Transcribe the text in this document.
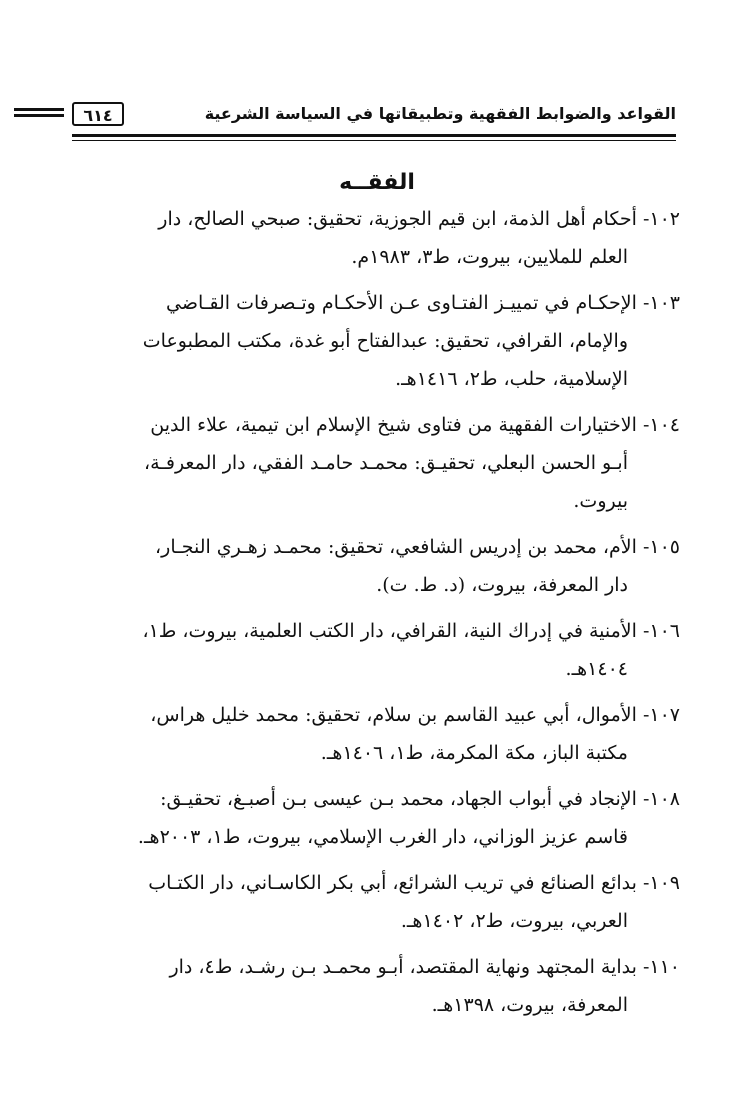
٦١٤	القواعد والضوابط الفقهية وتطبيقاتها في السياسة الشرعية
الفقــه
١٠٢- أحكام أهل الذمة، ابن قيم الجوزية، تحقيق: صبحي الصالح، دار
العلم للملايين، بيروت، ط٣، ١٩٨٣م.
١٠٣- الإحكـام في تمييـز الفتـاوى عـن الأحكـام وتـصرفات القـاضي
والإمام، القرافي، تحقيق: عبدالفتاح أبو غدة، مكتب المطبوعات
الإسلامية، حلب، ط٢، ١٤١٦هـ.
١٠٤- الاختيارات الفقهية من فتاوى شيخ الإسلام ابن تيمية، علاء الدين
أبـو الحسن البعلي، تحقيـق: محمـد حامـد الفقي، دار المعرفـة،
بيروت.
١٠٥- الأم، محمد بن إدريس الشافعي، تحقيق: محمـد زهـري النجـار،
دار المعرفة، بيروت، (د. ط. ت).
١٠٦- الأمنية في إدراك النية، القرافي، دار الكتب العلمية، بيروت، ط١،
١٤٠٤هـ.
١٠٧- الأموال، أبي عبيد القاسم بن سلام، تحقيق: محمد خليل هراس،
مكتبة الباز، مكة المكرمة، ط١، ١٤٠٦هـ.
١٠٨- الإنجاد في أبواب الجهاد، محمد بـن عيسى بـن أصبـغ، تحقيـق:
قاسم عزيز الوزاني، دار الغرب الإسلامي، بيروت، ط١، ٢٠٠٣هـ.
١٠٩- بدائع الصنائع في تريب الشرائع، أبي بكر الكاسـاني، دار الكتـاب
العربي، بيروت، ط٢، ١٤٠٢هـ.
١١٠- بداية المجتهد ونهاية المقتصد، أبـو محمـد بـن رشـد، ط٤، دار
المعرفة، بيروت، ١٣٩٨هـ.
